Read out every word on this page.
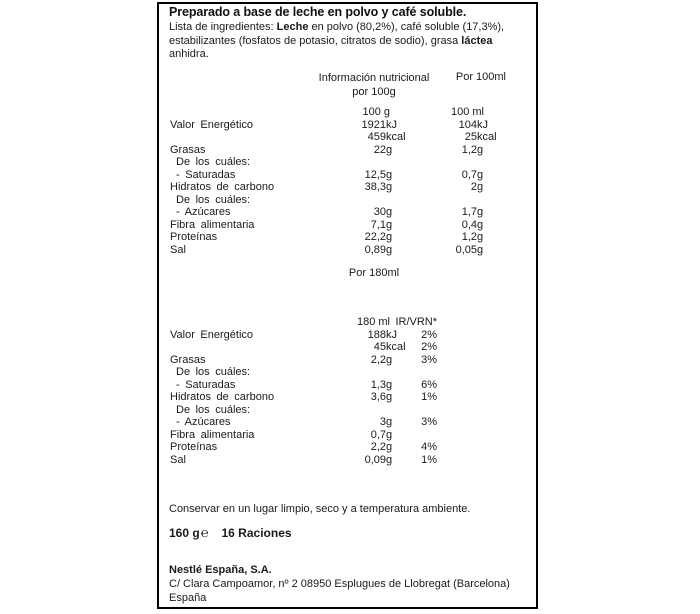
Preparado a base de leche en polvo y café soluble.
Lista de ingredientes: Leche en polvo (80,2%), café soluble (17,3%),
estabilizantes (fosfatos de potasio, citratos de sodio), grasa láctea anhidra.
Información nutricional
por 100g
Por 100ml
100 g	100 ml
Valor Energético	1921kJ	104kJ
459kcal	25kcal
Grasas	22g	1,2g
De los cuáles:
- Saturadas	12,5g	0,7g
Hidratos de carbono	38,3g	2g
De los cuáles:
- Azúcares	30g	1,7g
Fibra alimentaria	7,1g	0,4g
Proteínas	22,2g	1,2g
Sal	0,89g	0,05g
Por 180ml
180 ml IR/VRN*
Valor Energético	188kJ	2%
45kcal	2%
Grasas	2,2g	3%
De los cuáles:
- Saturadas	1,3g	6%
Hidratos de carbono	3,6g	1%
De los cuáles:
- Azúcares	3g	3%
Fibra alimentaria	0,7g
Proteínas	2,2g	4%
Sal	0,09g	1%
Conservar en un lugar limpio, seco y a temperatura ambiente.
160 g℮ 16 Raciones
Nestlé España, S.A.
C/ Clara Campoamor, nº 2 08950 Esplugues de Llobregat (Barcelona)
España
